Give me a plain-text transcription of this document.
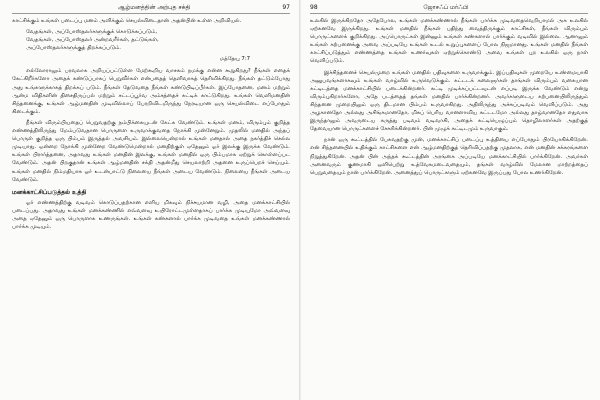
ஆழ்மனத்தின் அற்புத சக்தி	97

காட்சிக்கும் உங்கள் படைப்பு மனம் அளிக்கும் செயல்விடைதான் அதன்பின் உள்ள அறிவியல்.

வேதங்கள், அப்போஸ்தலர்களுக்குக் கொடுக்கப்படும்,
வேதங்கள், அப்போஸ்தலர் அன்றவரீர்கள், தட்டுங்கள்,
அப்போஸ்தலர்களுக்குத் திறக்கப்படும்.
மத்தேயு 7:7

எல்லோராலும் பரவலாக அறியப்பட்டுள்ள மேற்கூறிய வாசகம் நமக்கு என்ன கூறுகிறது? நீங்கள் எதைக் கேட்கிறீர்களோ அதைக் கண்டுப்பாகப் பெறுவீர்கள் என்பதைத் தெளிவாகத் தெரிவிக்கிறது. நீங்கள் தட்டும்போது அது உங்களுக்காகத் திறக்கப் படும். நீங்கள் தேடுவதை நீங்கள் கண்டுபிடிப்பீர்கள். இப்போதனை, மனம் மற்றும் ஆன்ம விதிகளின் திசைதிருப்பல் மற்றும் சட்டப்பூர்வ அம்சத்தைச் சுட்டிக் காட்டுகிறது. உங்கள் வெளிமனதின் சிந்தனைக்கு, உங்கள் ஆழ்மனதின் முடிவில்லாப் பேரறிவிடமிருந்து நேரடியான ஒரு செயல்விடை எப்போதும் கிடைக்கும்.

நீங்கள் விரும்பியதைப் பெறுவதற்கு நம்பிக்கையுடன் கேட்க வேண்டும். உங்கள் மனம், விரும்பும் குறித்த எண்ணத்திலிருந்து மேம்படுவதான பொருளை உருவாக்குவதை நோக்கி முன்னேறும். முதலில் மனதில் அந்தப் பொருள் குறித்த ஒரு பிம்பம் இருத்தல் அவசியம். இல்லையென்றால் உங்கள் மனதால் அதை நகர்த்திச் செல்ல முடியாது. ஒன்றை நோக்கி முன்னேற வேண்டுமென்றால் மனதிற்குள் ஏதேனும் ஓர் இலக்கு இருக்க வேண்டும். உங்கள் பிரார்த்தனை, அதாவது உங்கள் மனதின் இலக்கு, உங்கள் மனதில் ஒரு பிம்பமாக ஏற்றுக் கொள்ளப்பட வேண்டும். அதன் பிறகுதான் உங்கள் ஆழ்மனதின் சக்தி அதன்மீது செயலாற்றி அதனை உருப்பெறச் செய்யும். உங்கள் மனதில் நிம்மதியாக ஓர் உடன்பாட்டு நிலையை நீங்கள் அடைய வேண்டும். நிலையை நீங்கள் அடைய வேண்டும்.

மனக்காட்சிப்படுத்தல் உத்தி

ஓர் எண்ணத்திற்கு வடிவம் கொடுப்பதற்கான எளிய மிகவும் நிச்சயமான வழி, அதை மனக்காட்சியில் படைப்பது. அதாவது உங்கள் மனக்கண்ணில் எவ்வளவு உயிரோட்டமுள்ளதாகப் பார்க்க முடியுமோ அவ்வளவு அதை ஏதேனும் ஒரு பொருளாக உணருங்கள். உங்கள் கண்களால் பார்க்க முடிவதை உங்கள் மனக்கண்ணால் பார்க்க முடியும்.

98	ஜோசஃப் மர்ஃபி

உலகில் இருக்கிறதோ அதேபோல, உங்கள் மனக்கண்ணால் நீங்கள் பார்க்க முடிவதைவெறியாமல் அக உலகில் ஏற்கனவே இருக்கிறது. உங்கள் மனதில் நீங்கள் பதிந்து வைத்திருக்கும் காட்சிகள், நீங்கள் விரும்பும் பொருட்களைக் குறிக்கிறது. அப்பொருட்கள் இன்னும் உங்கள் கண்களால் பார்க்கும் வடிவில் இல்லை. ஆனாலும் உங்கள் கற்பனைக்கு அவை அப்படியே உங்கள் உடல் உறுப்புகளைப் போல நிஜமானது. உங்கள் மனதில் நீங்கள் காட்சிப்படுத்தும் எண்ணத்தை உங்கள் உணர்வுகள் ஏற்றுக்கொண்டு அவை உங்கள் புற உலகில் ஒரு நாள் வெளிப்படும்.

இச்சிந்தனைச் செயல்முறை உங்கள் மனதில் பதிவுகளை உருவாக்கும். இப்பதிவுகள் முறையே உண்மையாகி அனுபவங்களாகவும் உங்கள் வாழ்வில் உருவெடுக்கும். கட்டடக் கலைஞர்கள் தாங்கள் விரும்பும் வகையான கட்டிடத்தை மனக்காட்சியில் படைக்கின்றனர். கட்டி முடிக்கப்பட்டவுடன் எப்படி இருக்க வேண்டும் என்று விரும்புகிறார்களோ, அதே படத்தைத் தங்கள் மனதில் பார்க்கின்றனர். அவர்களுடைய கற்பனையிலிருந்தும் சிந்தனை முறையிலும் ஒரு திடமான பிம்பம் உருவாகிறது. அதிலிருந்து அச்சுப்படிவம் வெளிப்படும். அது அழகானதோ அல்லது அசிங்கமானதோ, மிகப் பெரிய வானளாவிய கட்டடமோ அல்லது தாழ்வானதோ எதுவாக இருந்தாலும் அவருடைய கருத்து படிவம் வடிவாகி, அதைக் கட்டியெழுப்பும் தொழிலாளர்கள் அதற்குத் தேவையான பொருட்களைச் சேகரிக்கின்றனர். பின் முழுக் கட்டிடமும் உருவாகும்.

நான் ஒரு கூட்டத்தில் பேசுவதற்கு முன், மனக்காட்சிப் படைப்பு உத்தியை எப்போதும் பிரயோகிக்கிறேன். என் சிந்தனையில் உதிக்கும் காட்சிகளை என் ஆழ்மனதிற்குத் தெரிவிப்பதற்கு முதலாக, என் மனதின் சக்கரங்களை நிறுத்துகிறேன். அதன் பின் அந்தக் கூட்டத்தின் அரங்கை அப்படியே மனக்காட்சியில் பார்க்கிறேன். அவர்கள் அனைவரும் குணமாகி ஒளிபெற்று உத்வேகமடைவதையும், தங்கள் வாழ்வில் மேலான மாற்றத்தைப் பெறுவதையும் நான் பார்க்கிறேன். அனைத்துப் பொருட்களும் ஏற்கனவே இருப்பது போல உணர்கிறேன்.
